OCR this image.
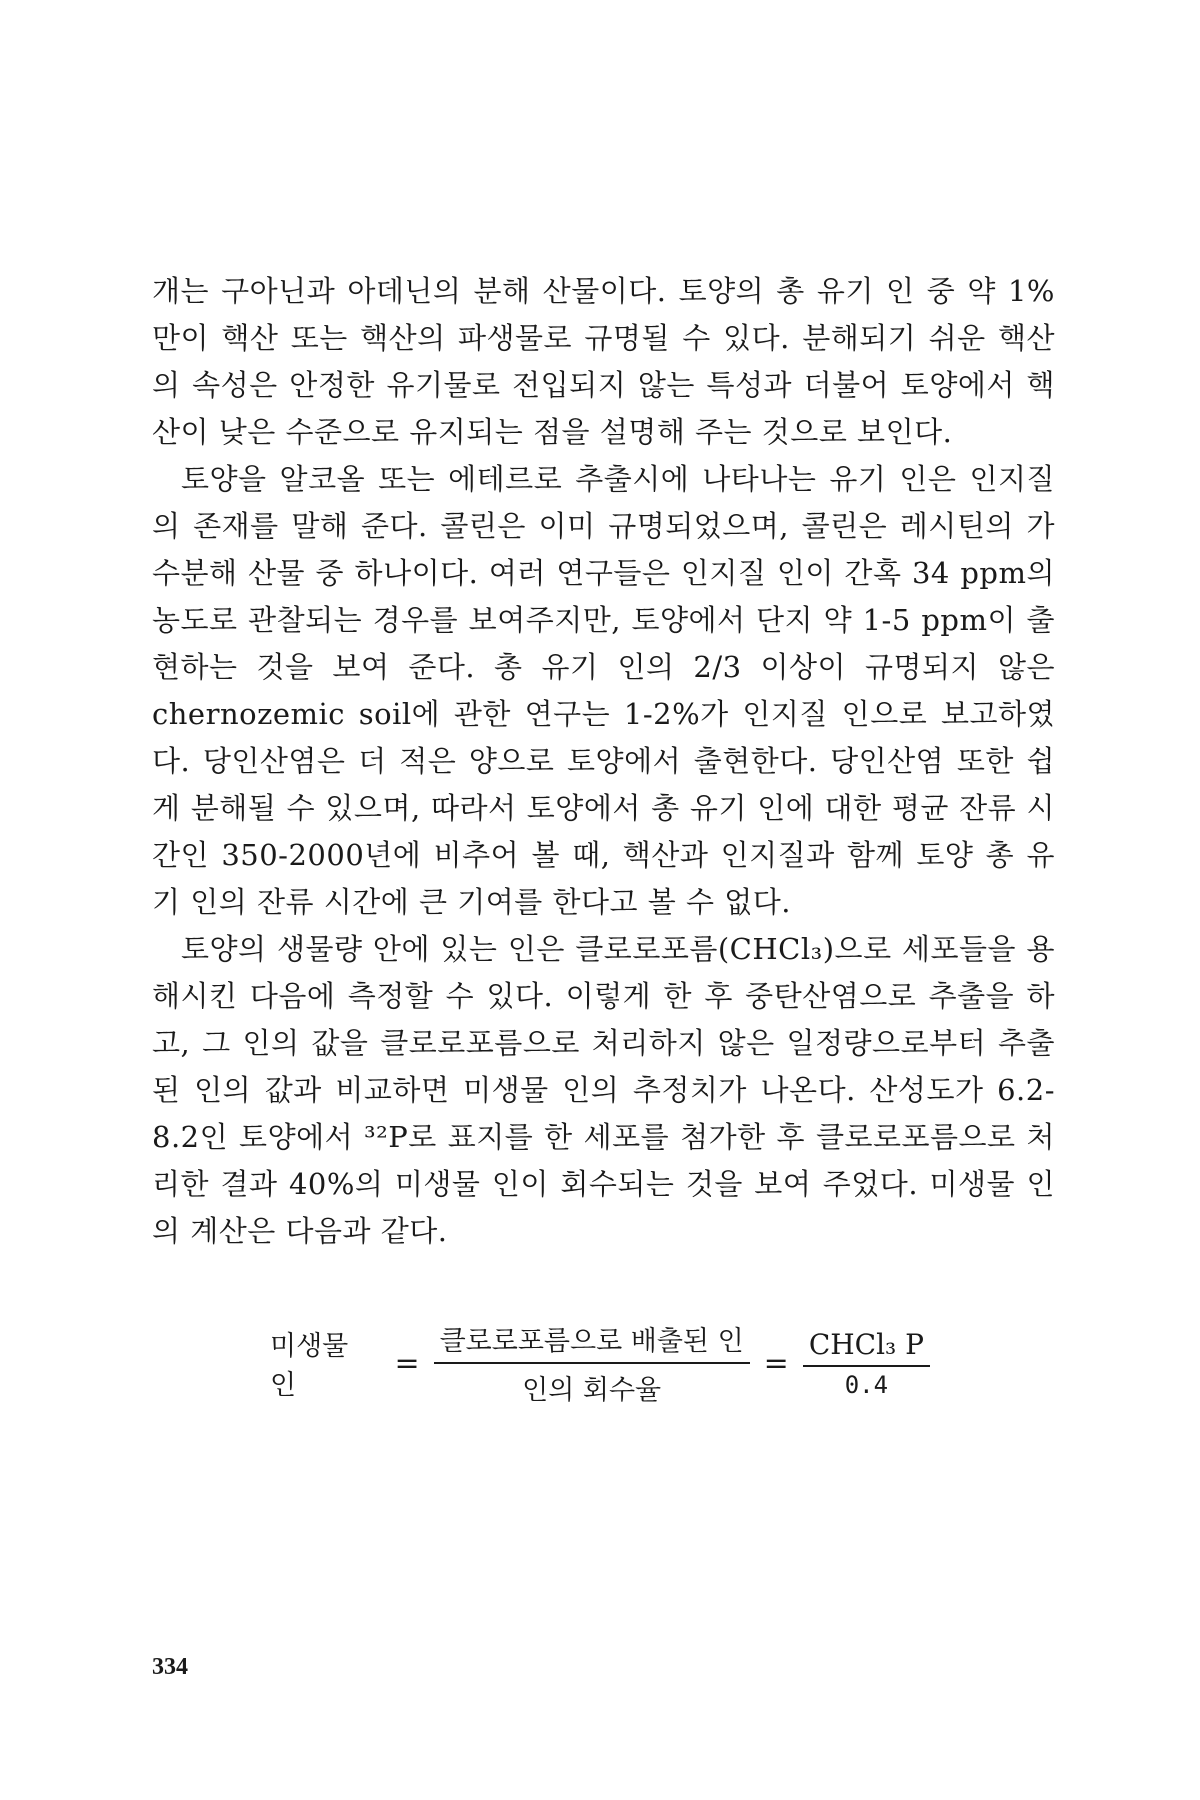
개는 구아닌과 아데닌의 분해 산물이다. 토양의 총 유기 인 중 약 1%만이 핵산 또는 핵산의 파생물로 규명될 수 있다. 분해되기 쉬운 핵산의 속성은 안정한 유기물로 전입되지 않는 특성과 더불어 토양에서 핵산이 낮은 수준으로 유지되는 점을 설명해 주는 것으로 보인다.

토양을 알코올 또는 에테르로 추출시에 나타나는 유기 인은 인지질의 존재를 말해 준다. 콜린은 이미 규명되었으며, 콜린은 레시틴의 가수분해 산물 중 하나이다. 여러 연구들은 인지질 인이 간혹 34 ppm의 농도로 관찰되는 경우를 보여주지만, 토양에서 단지 약 1-5 ppm이 출현하는 것을 보여 준다. 총 유기 인의 2/3 이상이 규명되지 않은 chernozemic soil에 관한 연구는 1-2%가 인지질 인으로 보고하였다. 당인산염은 더 적은 양으로 토양에서 출현한다. 당인산염 또한 쉽게 분해될 수 있으며, 따라서 토양에서 총 유기 인에 대한 평균 잔류 시간인 350-2000년에 비추어 볼 때, 핵산과 인지질과 함께 토양 총 유기 인의 잔류 시간에 큰 기여를 한다고 볼 수 없다.

토양의 생물량 안에 있는 인은 클로로포름(CHCl₃)으로 세포들을 용해시킨 다음에 측정할 수 있다. 이렇게 한 후 중탄산염으로 추출을 하고, 그 인의 값을 클로로포름으로 처리하지 않은 일정량으로부터 추출된 인의 값과 비교하면 미생물 인의 추정치가 나온다. 산성도가 6.2-8.2인 토양에서 ³²P로 표지를 한 세포를 첨가한 후 클로로포름으로 처리한 결과 40%의 미생물 인이 회수되는 것을 보여 주었다. 미생물 인의 계산은 다음과 같다.

미생물 인
= $\frac{\text{클로로포름으로 배출된 인}}{\text{인의 회수율}} = \frac{\text{CHCl₃ P}}{0.4}$
334
